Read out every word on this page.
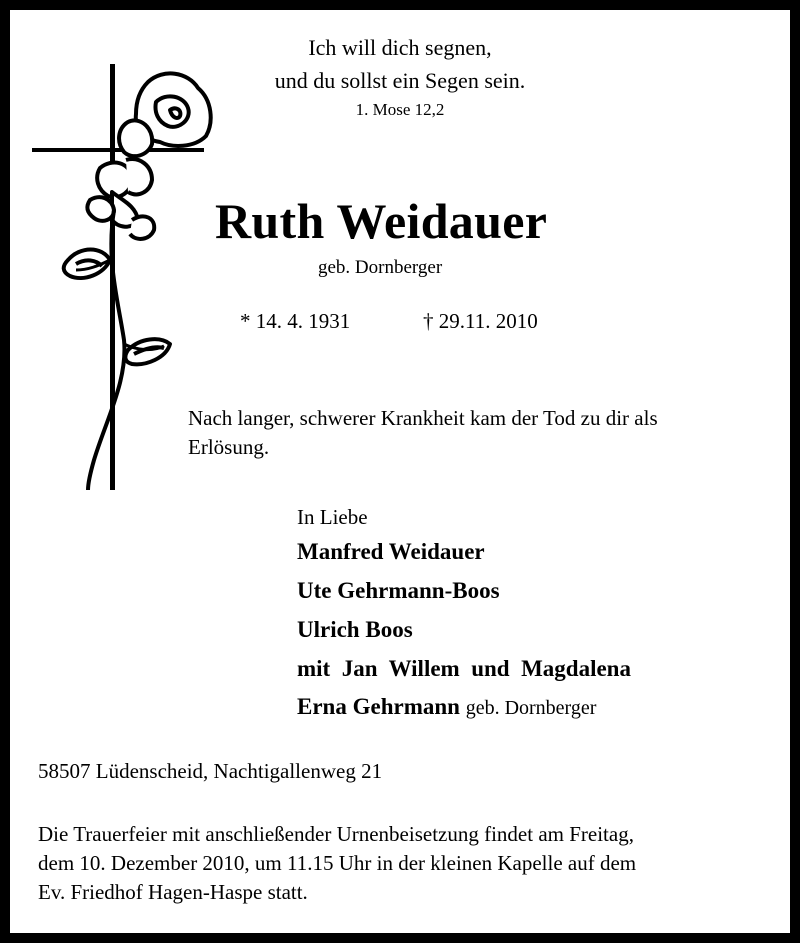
Ich will dich segnen,

und du sollst ein Segen sein.

1. Mose 12,2

Ruth Weidauer

geb. Dornberger

* 14. 4. 1931	† 29.11. 2010

Nach langer, schwerer Krankheit kam der Tod zu dir als
Erlösung.

In Liebe

Manfred Weidauer

Ute Gehrmann-Boos

Ulrich Boos

mit  Jan  Willem  und  Magdalena

Erna Gehrmann geb. Dornberger

58507 Lüdenscheid, Nachtigallenweg 21

Die Trauerfeier mit anschließender Urnenbeisetzung findet am Freitag,
dem 10. Dezember 2010, um 11.15 Uhr in der kleinen Kapelle auf dem
Ev. Friedhof Hagen-Haspe statt.
